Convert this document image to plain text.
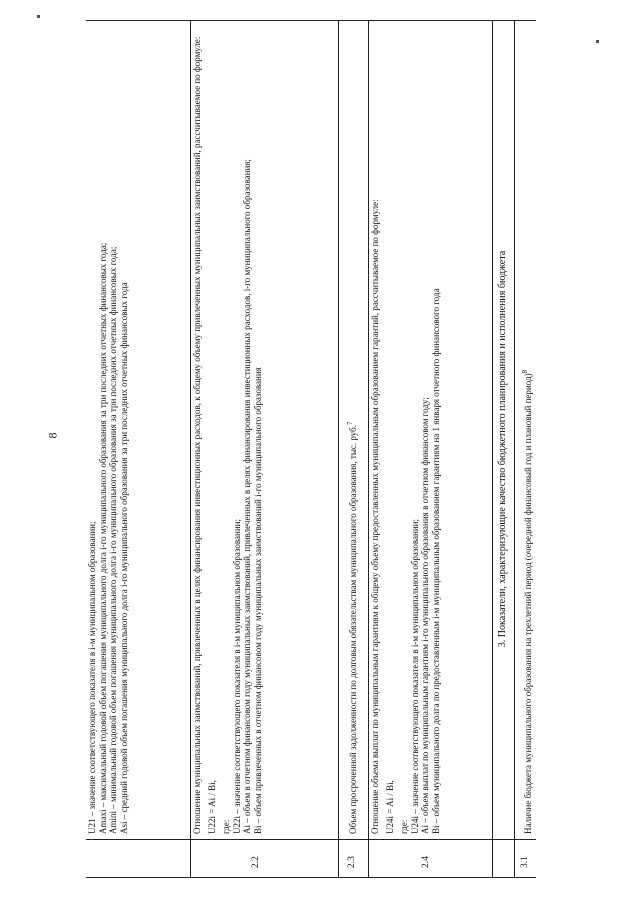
8

U21 – значение соответствующего показателя в i-м муниципальном образовании; Amaxi – максимальный годовой объем погашения муниципального долга i-го муниципального образования за три последних отчетных финансовых года; Amini – минимальный годовой объем погашения муниципального долга i-го муниципального образования за три последних отчетных финансовых года; Asi – средний годовой объем погашения муниципального долга i-го муниципального образования за три последних отчетных финансовых года

2.2

Отношение муниципальных заимствований, привлеченных в целях финансирования инвестиционных расходов, к общему объему привлеченных муниципальных заимствований, рассчитываемое по формуле: U22i = Ai / Bi, где: U22i – значение соответствующего показателя в i-м муниципальном образовании; Ai – объем в отчетном финансовом году муниципальных заимствований, привлеченных в целях финансирования инвестиционных расходов, i-го муниципального образования; Bi – объем привлеченных в отчетном финансовом году муниципальных заимствований i-го муниципального образования

2.3

Объем просроченной задолженности по долговым обязательствам муниципального образования, тыс. руб.$^7$

2.4

Отношение объема выплат по муниципальным гарантиям к общему объему предоставленных муниципальным образованием гарантий, рассчитываемое по формуле: U24i = Ai / Bi, где: U24i – значение соответствующего показателя в i-м муниципальном образовании; Ai – объем выплат по муниципальным гарантиям i-го муниципального образования в отчетном финансовом году; Bi – объем муниципального долга по предоставленным i-м муниципальным образованием гарантиям на 1 января отчетного финансового года	3. Показатели, характеризующие качество бюджетного планирования и исполнения бюджета
3.1

Наличие бюджета муниципального образования на трехлетний период (очередной финансовый год и плановый период)$^8$
